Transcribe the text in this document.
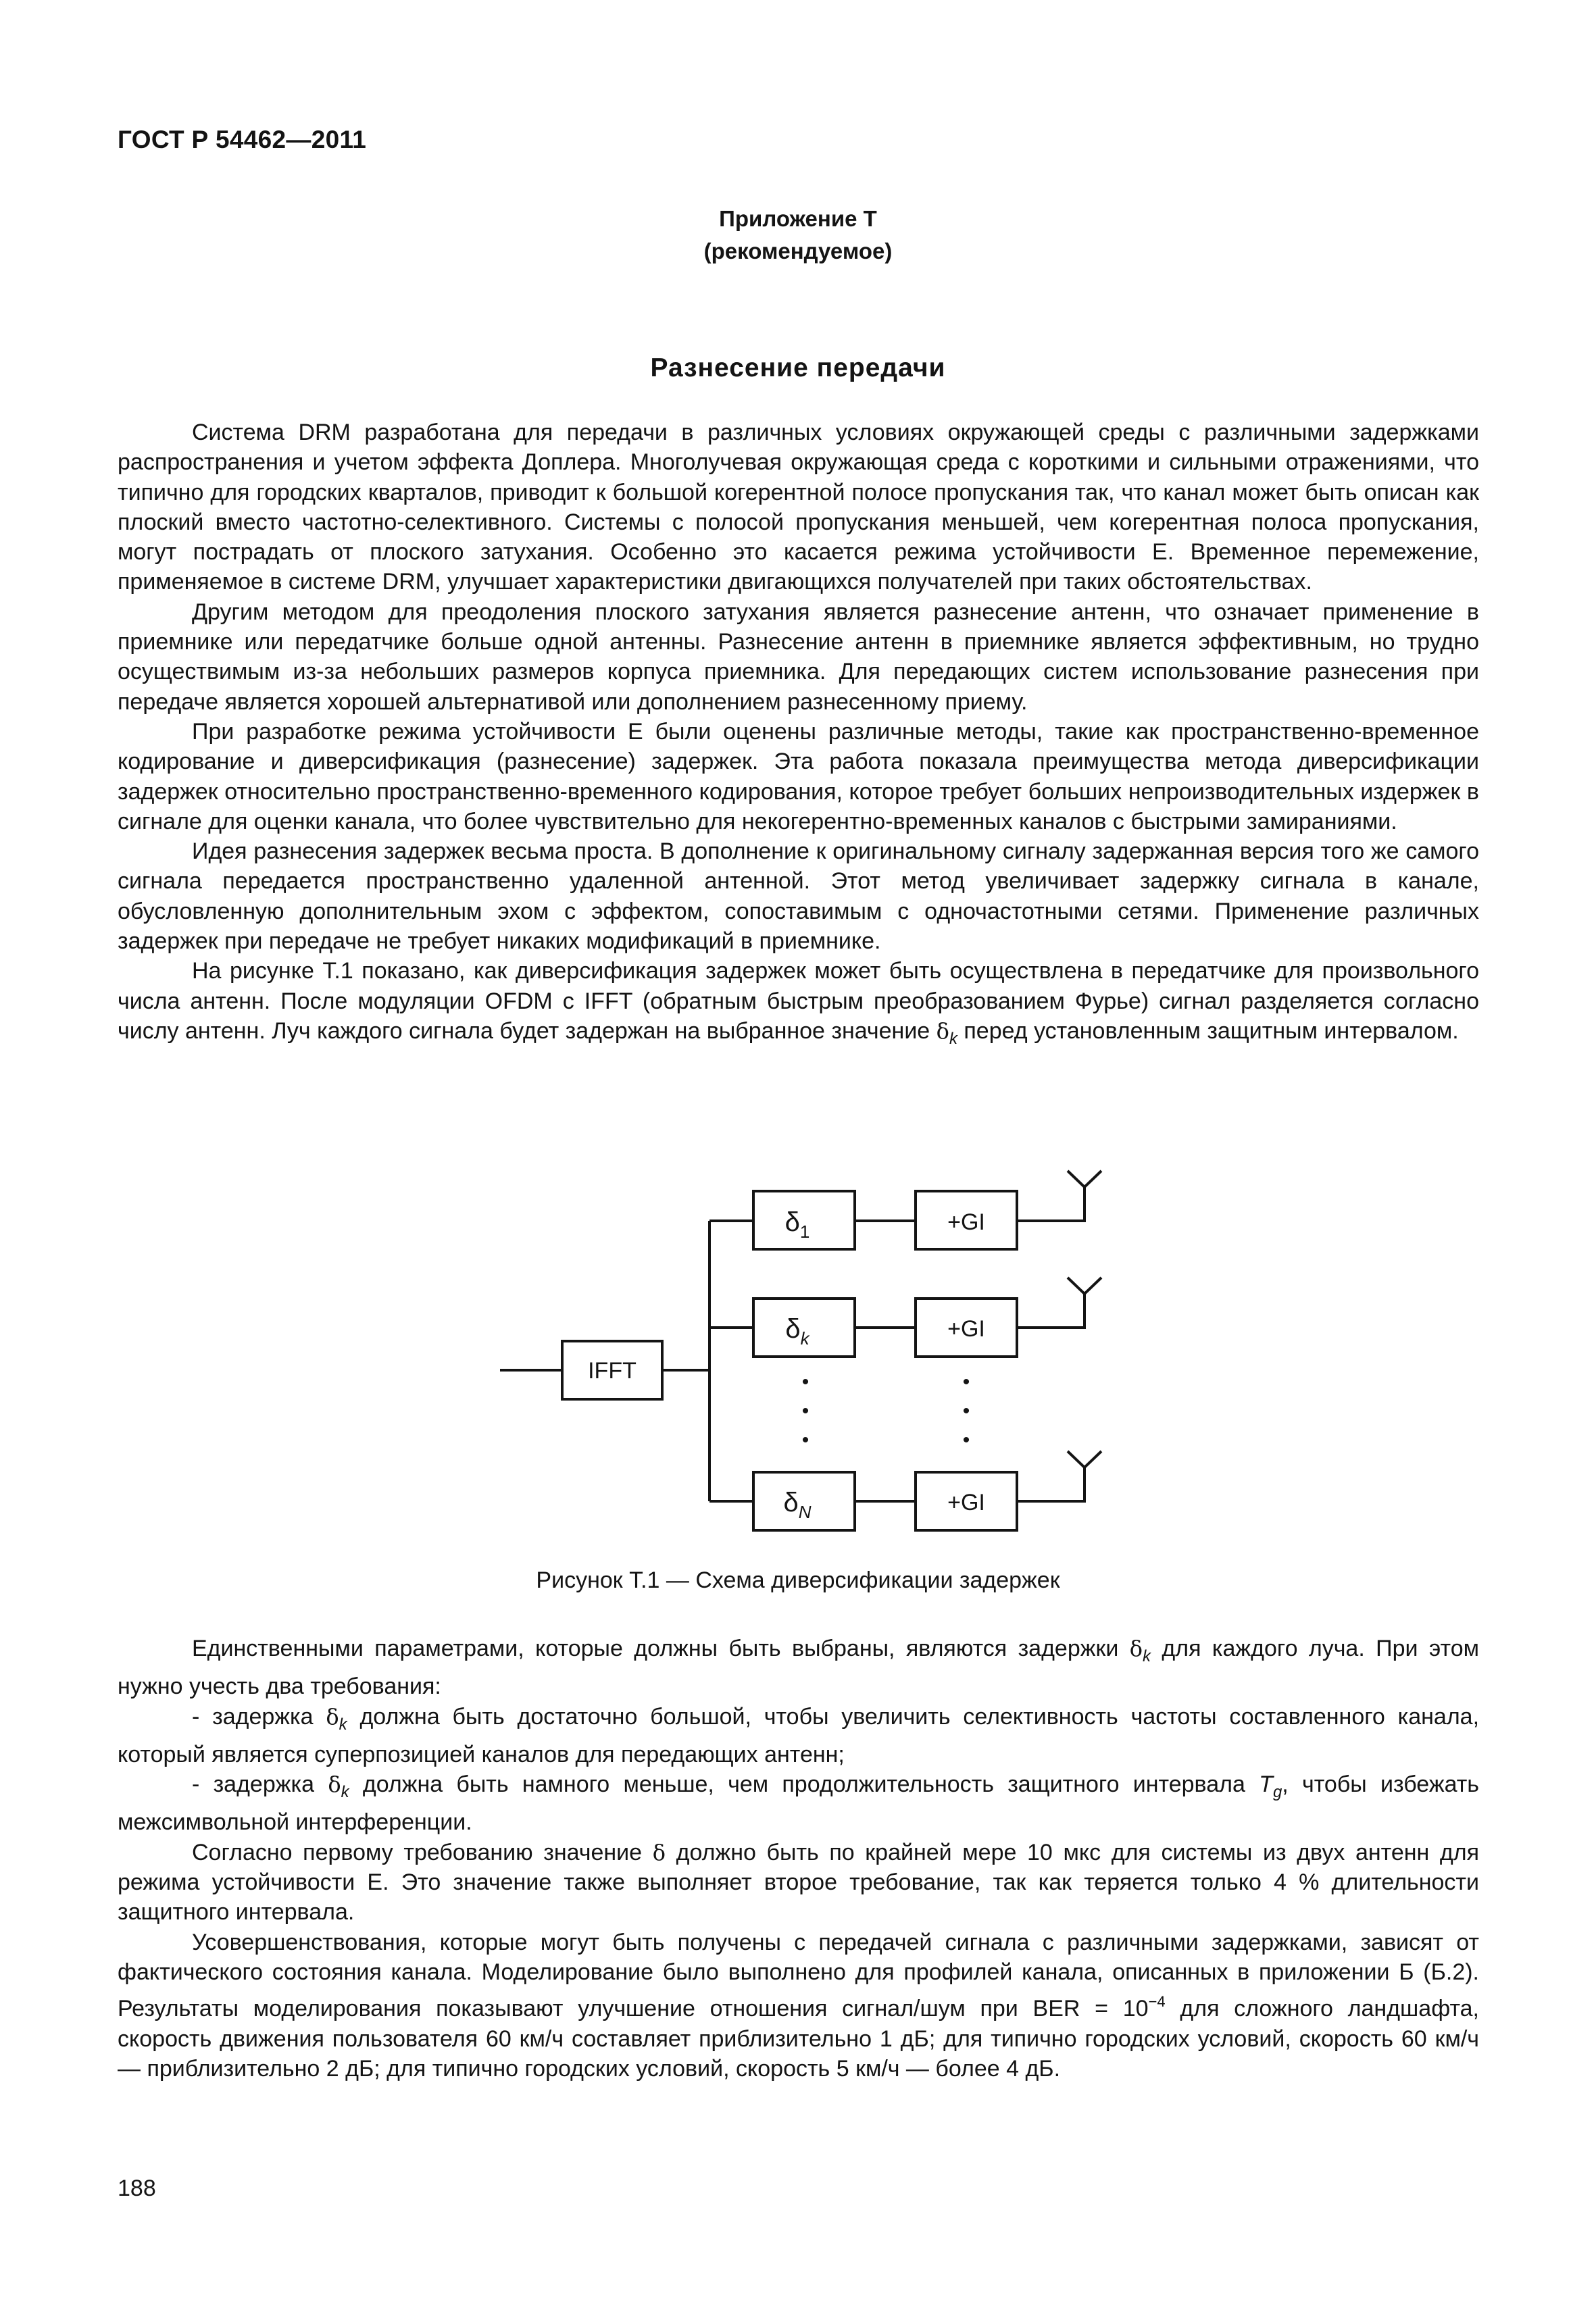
ГОСТ Р 54462—2011
Приложение Т
(рекомендуемое)
Разнесение передачи

Система DRM разработана для передачи в различных условиях окружающей среды с различными задержками распространения и учетом эффекта Доплера. Многолучевая окружающая среда с короткими и сильными отражениями, что типично для городских кварталов, приводит к большой когерентной полосе пропускания так, что канал может быть описан как плоский вместо частотно-селективного. Системы с полосой пропускания меньшей, чем когерентная полоса пропускания, могут пострадать от плоского затухания. Особенно это касается режима устойчивости E. Временное перемежение, применяемое в системе DRM, улучшает характеристики двигающихся получателей при таких обстоятельствах.

Другим методом для преодоления плоского затухания является разнесение антенн, что означает применение в приемнике или передатчике больше одной антенны. Разнесение антенн в приемнике является эффективным, но трудно осуществимым из-за небольших размеров корпуса приемника. Для передающих систем использование разнесения при передаче является хорошей альтернативой или дополнением разнесенному приему.

При разработке режима устойчивости E были оценены различные методы, такие как пространственно-временное кодирование и диверсификация (разнесение) задержек. Эта работа показала преимущества метода диверсификации задержек относительно пространственно-временного кодирования, которое требует больших непроизводительных издержек в сигнале для оценки канала, что более чувствительно для некогерентно-временных каналов с быстрыми замираниями.

Идея разнесения задержек весьма проста. В дополнение к оригинальному сигналу задержанная версия того же самого сигнала передается пространственно удаленной антенной. Этот метод увеличивает задержку сигнала в канале, обусловленную дополнительным эхом с эффектом, сопоставимым с одночастотными сетями. Применение различных задержек при передаче не требует никаких модификаций в приемнике.

На рисунке Т.1 показано, как диверсификация задержек может быть осуществлена в передатчике для произвольного числа антенн. После модуляции OFDM с IFFT (обратным быстрым преобразованием Фурье) сигнал разделяется согласно числу антенн. Луч каждого сигнала будет задержан на выбранное значение $\delta_k$ перед установленным защитным интервалом.

IFFT
$\delta_1$
$\delta_k$
$\delta_N$
+GI
+GI
+GI
•
•
•
•
•
•
Рисунок Т.1 — Схема диверсификации задержек

Единственными параметрами, которые должны быть выбраны, являются задержки $\delta_k$ для каждого луча. При этом нужно учесть два требования:

- задержка $\delta_k$ должна быть достаточно большой, чтобы увеличить селективность частоты составленного канала, который является суперпозицией каналов для передающих антенн;

- задержка $\delta_k$ должна быть намного меньше, чем продолжительность защитного интервала $T_g$, чтобы избежать межсимвольной интерференции.

Согласно первому требованию значение δ должно быть по крайней мере 10 мкс для системы из двух антенн для режима устойчивости E. Это значение также выполняет второе требование, так как теряется только 4 % длительности защитного интервала.

Усовершенствования, которые могут быть получены с передачей сигнала с различными задержками, зависят от фактического состояния канала. Моделирование было выполнено для профилей канала, описанных в приложении Б (Б.2). Результаты моделирования показывают улучшение отношения сигнал/шум при BER = $10^{-4}$ для сложного ландшафта, скорость движения пользователя 60 км/ч составляет приблизительно 1 дБ; для типично городских условий, скорость 60 км/ч — приблизительно 2 дБ; для типично городских условий, скорость 5 км/ч — более 4 дБ.

188
